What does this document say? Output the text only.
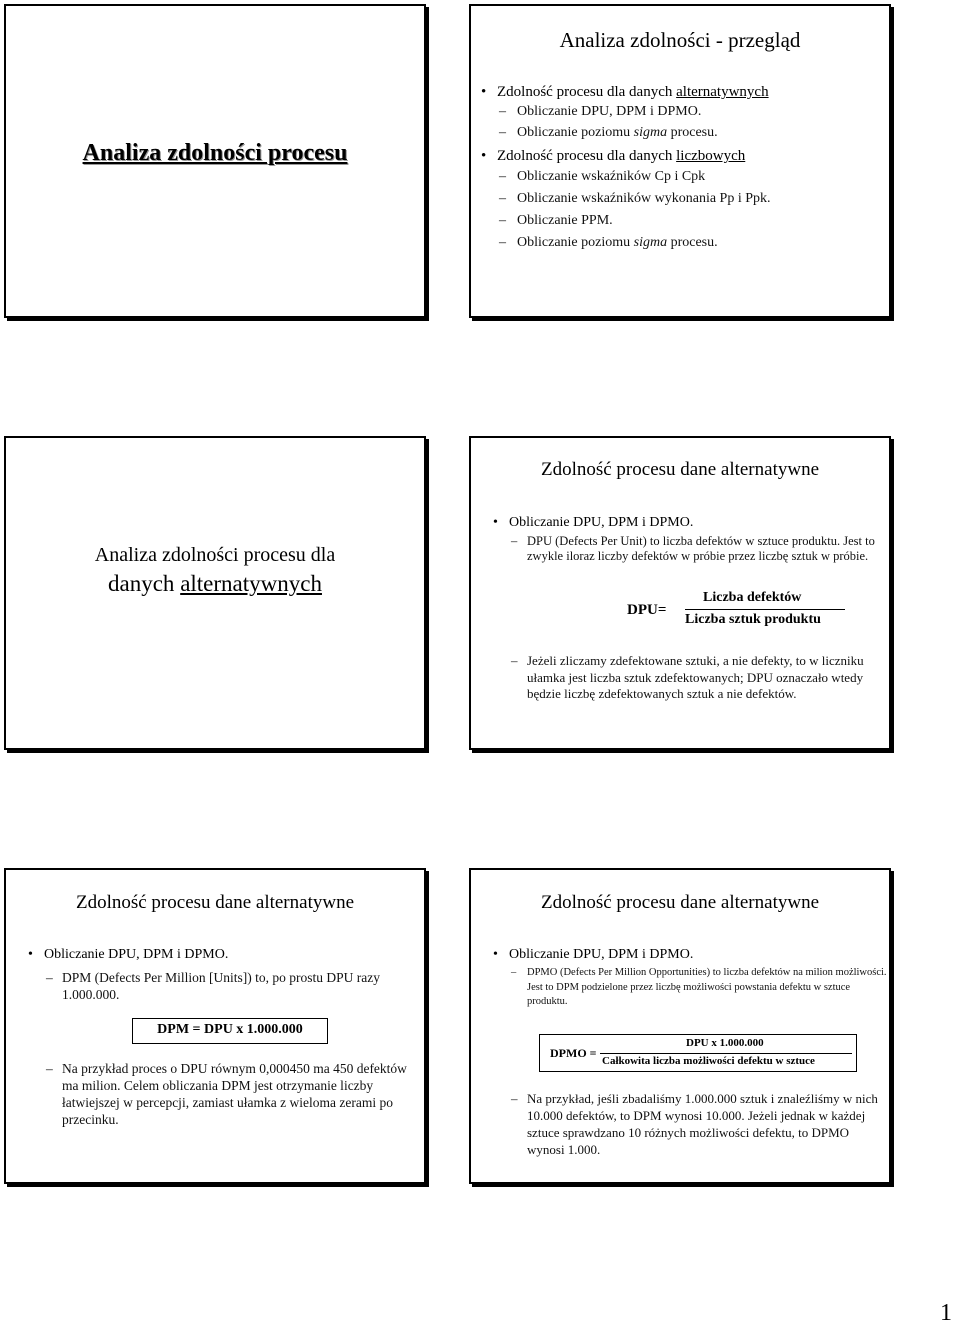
Analiza zdolności procesu
Analiza zdolności - przegląd
• Zdolność procesu dla danych alternatywnych
– Obliczanie DPU, DPM i DPMO.
– Obliczanie poziomu sigma procesu.
• Zdolność procesu dla danych liczbowych
– Obliczanie wskaźników Cp i Cpk
– Obliczanie wskaźników wykonania Pp i Ppk.
– Obliczanie PPM.
– Obliczanie poziomu sigma procesu.
Analiza zdolności procesu dla
danych alternatywnych
Zdolność procesu dane alternatywne
• Obliczanie DPU, DPM i DPMO.
– DPU (Defects Per Unit) to liczba defektów w sztuce produktu. Jest to zwykle iloraz liczby defektów w próbie przez liczbę sztuk w próbie.
DPU=
Liczba defektów
Liczba sztuk produktu
– Jeżeli zliczamy zdefektowane sztuki, a nie defekty, to w liczniku ułamka jest liczba sztuk zdefektowanych; DPU oznaczało wtedy będzie liczbę zdefektowanych sztuk a nie defektów.
Zdolność procesu dane alternatywne
• Obliczanie DPU, DPM i DPMO.
– DPM (Defects Per Million [Units]) to, po prostu DPU razy 1.000.000.
DPM = DPU x 1.000.000
– Na przykład proces o DPU równym 0,000450 ma 450 defektów ma milion. Celem obliczania DPM jest otrzymanie liczby łatwiejszej w percepcji, zamiast ułamka z wieloma zerami po przecinku.
Zdolność procesu dane alternatywne
• Obliczanie DPU, DPM i DPMO.
– DPMO (Defects Per Million Opportunities) to liczba defektów na milion możliwości. Jest to DPM podzielone przez liczbę możliwości powstania defektu w sztuce produktu.
DPMO =
DPU x 1.000.000
Całkowita liczba możliwości defektu w sztuce
– Na przykład, jeśli zbadaliśmy 1.000.000 sztuk i znaleźliśmy w nich 10.000 defektów, to DPM wynosi 10.000. Jeżeli jednak w każdej sztuce sprawdzano 10 różnych możliwości defektu, to DPMO wynosi 1.000.
1
